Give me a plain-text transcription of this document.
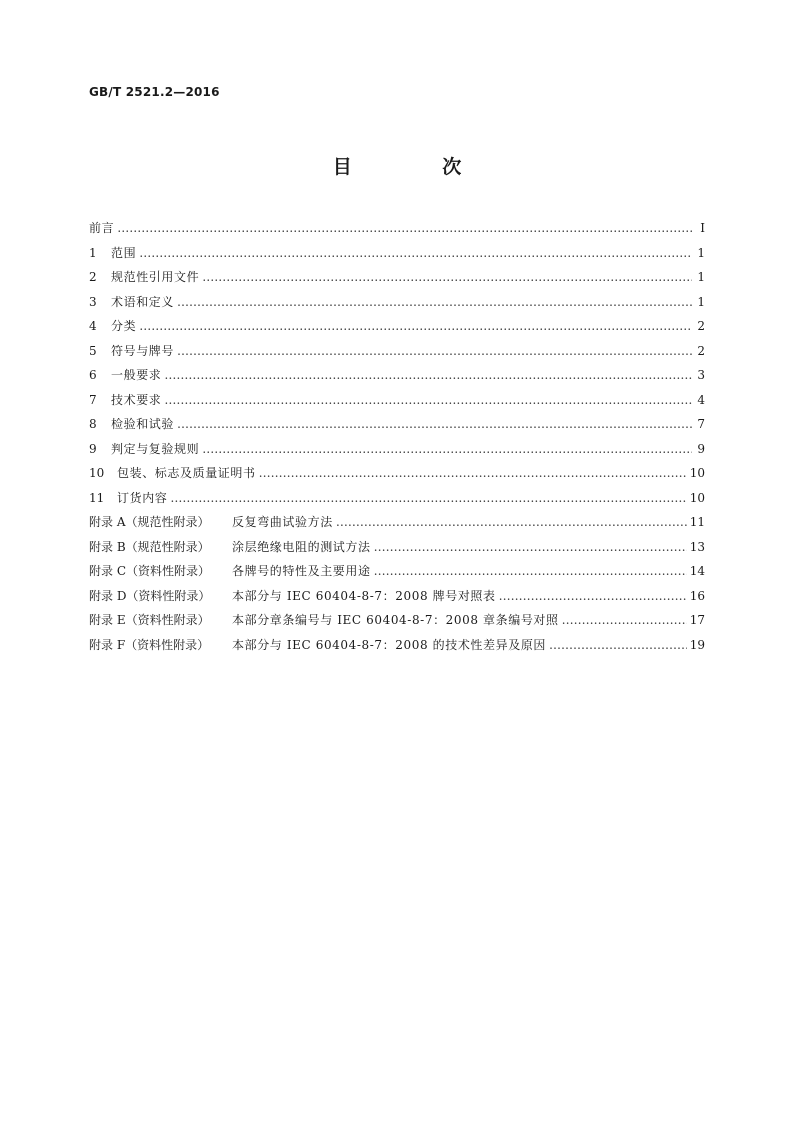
GB/T 2521.2—2016
目 次
前言 ……………………………………………………………………………………………………………………………………………………………………………………………………	Ⅰ
1	范围 ……………………………………………………………………………………………………………………………………………………………………………………………………	1
2	规范性引用文件 ……………………………………………………………………………………………………………………………………………………………………………………………………	1
3	术语和定义 ……………………………………………………………………………………………………………………………………………………………………………………………………	1
4	分类 ……………………………………………………………………………………………………………………………………………………………………………………………………	2
5	符号与牌号 ……………………………………………………………………………………………………………………………………………………………………………………………………	2
6	一般要求 ……………………………………………………………………………………………………………………………………………………………………………………………………	3
7	技术要求 ……………………………………………………………………………………………………………………………………………………………………………………………………	4
8	检验和试验 ……………………………………………………………………………………………………………………………………………………………………………………………………	7
9	判定与复验规则 ……………………………………………………………………………………………………………………………………………………………………………………………………	9
10	包装、标志及质量证明书 ……………………………………………………………………………………………………………………………………………………………………………………………………	10
11	订货内容 ……………………………………………………………………………………………………………………………………………………………………………………………………	10
附录 A（规范性附录）	反复弯曲试验方法 ……………………………………………………………………………………………………………………………………………………………………………………………………	11
附录 B（规范性附录）	涂层绝缘电阻的测试方法 ……………………………………………………………………………………………………………………………………………………………………………………………………	13
附录 C（资料性附录）	各牌号的特性及主要用途 ……………………………………………………………………………………………………………………………………………………………………………………………………	14
附录 D（资料性附录）	本部分与 IEC 60404-8-7：2008 牌号对照表 ……………………………………………………………………………………………………………………………………………………………………………………………………	16
附录 E（资料性附录）	本部分章条编号与 IEC 60404-8-7：2008 章条编号对照 ……………………………………………………………………………………………………………………………………………………………………………………………………	17
附录 F（资料性附录）	本部分与 IEC 60404-8-7：2008 的技术性差异及原因 ……………………………………………………………………………………………………………………………………………………………………………………………………	19
